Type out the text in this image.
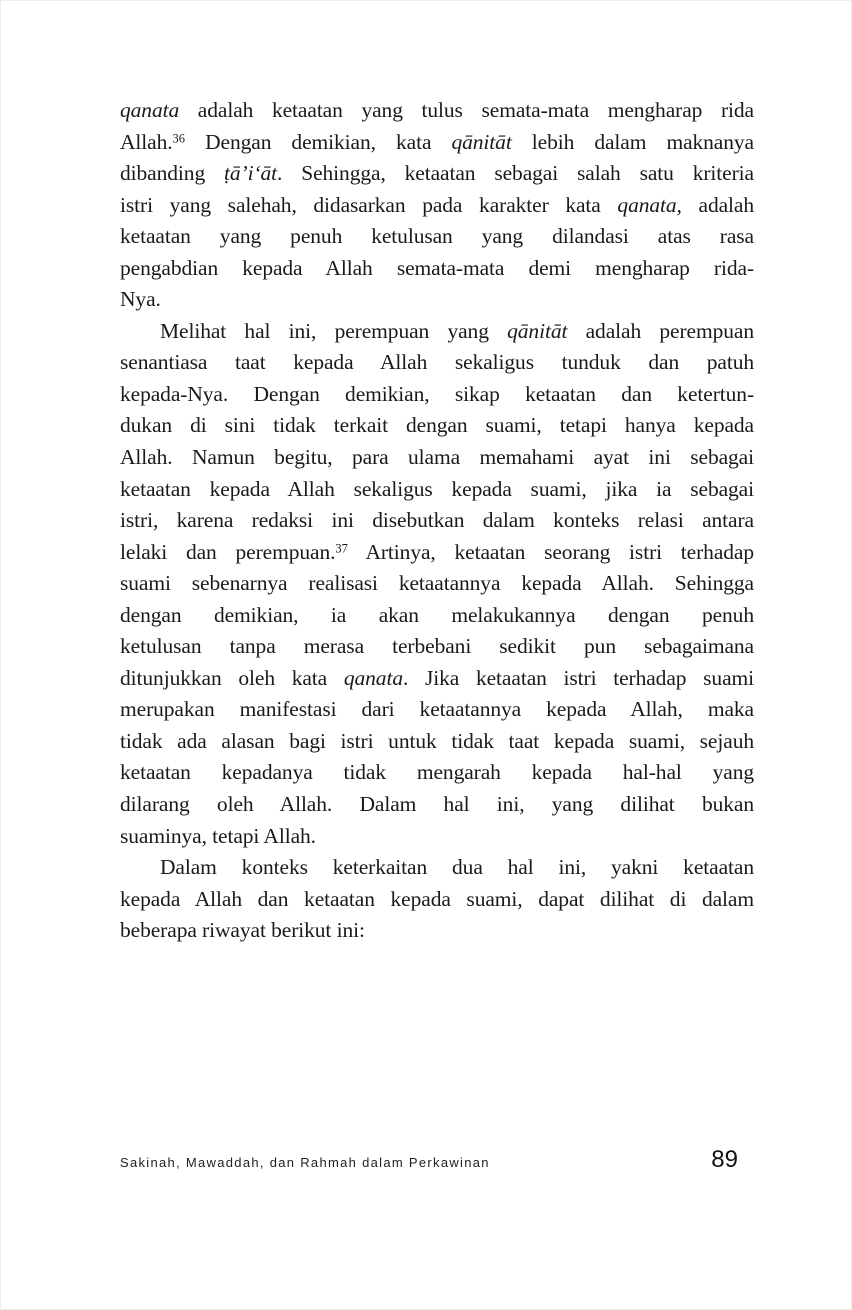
qanata adalah ketaatan yang tulus semata-mata mengharap rida
Allah.$^{36}$ Dengan demikian, kata qānitāt lebih dalam maknanya
dibanding ṭā’i‘āt. Sehingga, ketaatan sebagai salah satu kriteria
istri yang salehah, didasarkan pada karakter kata qanata, adalah
ketaatan yang penuh ketulusan yang dilandasi atas rasa
pengabdian kepada Allah semata-mata demi mengharap rida-
Nya.
Melihat hal ini, perempuan yang qānitāt adalah perempuan
senantiasa taat kepada Allah sekaligus tunduk dan patuh
kepada-Nya. Dengan demikian, sikap ketaatan dan ketertun-
dukan di sini tidak terkait dengan suami, tetapi hanya kepada
Allah. Namun begitu, para ulama memahami ayat ini sebagai
ketaatan kepada Allah sekaligus kepada suami, jika ia sebagai
istri, karena redaksi ini disebutkan dalam konteks relasi antara
lelaki dan perempuan.$^{37}$ Artinya, ketaatan seorang istri terhadap
suami sebenarnya realisasi ketaatannya kepada Allah. Sehingga
dengan demikian, ia akan melakukannya dengan penuh
ketulusan tanpa merasa terbebani sedikit pun sebagaimana
ditunjukkan oleh kata qanata. Jika ketaatan istri terhadap suami
merupakan manifestasi dari ketaatannya kepada Allah, maka
tidak ada alasan bagi istri untuk tidak taat kepada suami, sejauh
ketaatan kepadanya tidak mengarah kepada hal-hal yang
dilarang oleh Allah. Dalam hal ini, yang dilihat bukan
suaminya, tetapi Allah.
Dalam konteks keterkaitan dua hal ini, yakni ketaatan
kepada Allah dan ketaatan kepada suami, dapat dilihat di dalam
beberapa riwayat berikut ini:
Sakinah, Mawaddah, dan Rahmah dalam Perkawinan	89
